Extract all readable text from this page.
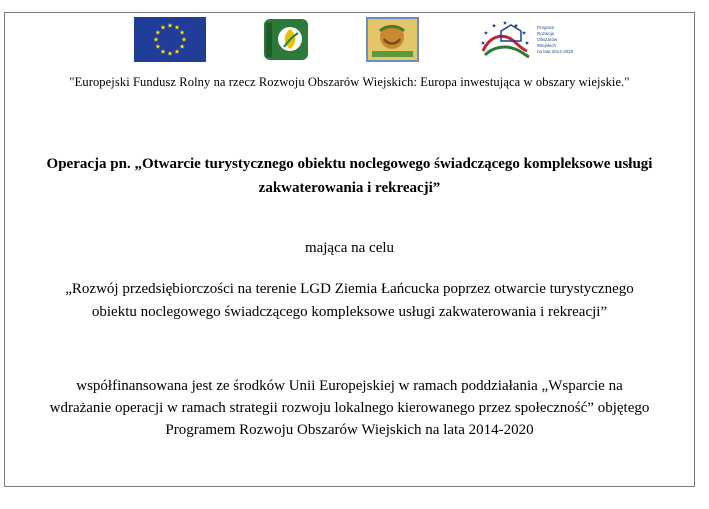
Program
Rozwoju
Obszarów
Wiejskich
na lata 2014-2020
"Europejski Fundusz Rolny na rzecz Rozwoju Obszarów Wiejskich: Europa inwestująca w obszary wiejskie."
Operacja pn. „Otwarcie turystycznego obiektu noclegowego świadczącego kompleksowe usługi
zakwaterowania i rekreacji”
mająca na celu
„Rozwój przedsiębiorczości na terenie LGD Ziemia Łańcucka poprzez otwarcie turystycznego
obiektu noclegowego świadczącego kompleksowe usługi zakwaterowania i rekreacji”
współfinansowana jest ze środków Unii Europejskiej w ramach poddziałania „Wsparcie na
wdrażanie operacji w ramach strategii rozwoju lokalnego kierowanego przez społeczność” objętego
Programem Rozwoju Obszarów Wiejskich na lata 2014-2020
